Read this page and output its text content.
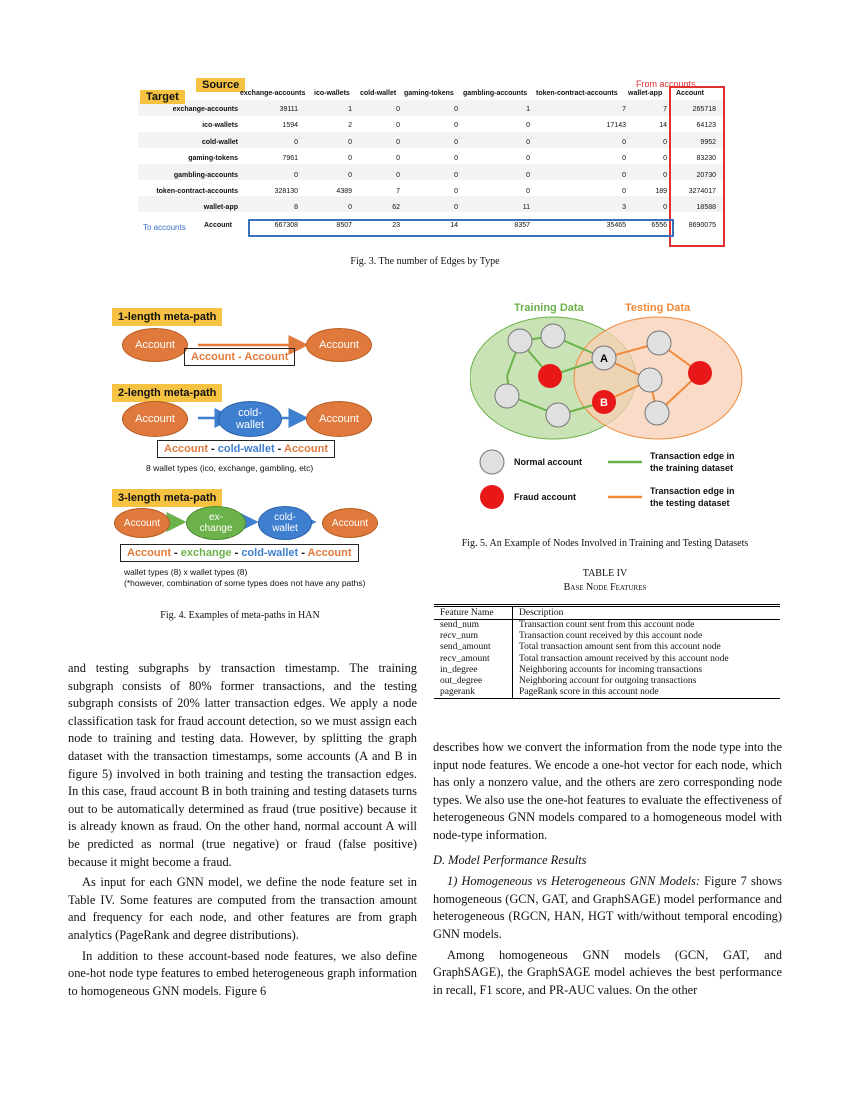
Source
Target
From accounts
exchange-accounts ico-wallets cold-wallet gaming-tokens gambling-accounts token-contract-accounts wallet-app Account
exchange-accounts	39111	1	0	0	1	7	7	265718
ico-wallets	1594	2	0	0	0	17143	14	64123
cold-wallet	0	0	0	0	0	0	0	9952
gaming-tokens	7961	0	0	0	0	0	0	83230
gambling-accounts	0	0	0	0	0	0	0	20730
token-contract-accounts	328130	4389	7	0	0	0	189	3274017
wallet-app	8	0	62	0	11	3	0	18588
Account	667308	8507	23	14	8357	35465	6556	8690075
To accounts
Fig. 3. The number of Edges by Type
1-length meta-path
Account	Account
Account - Account
2-length meta-path
Account
cold-
wallet
Account
Account - cold-wallet - Account
8 wallet types (ico, exchange, gambling, etc)
3-length meta-path
Account	ex-
change
cold-
wallet	Account
Account - exchange - cold-wallet - Account
wallet types (8) x wallet types (8)
(*however, combination of some types does not have any paths)
Fig. 4. Examples of meta-paths in HAN
Training Data	Testing Data
A
B
Normal account
Fraud account
Transaction edge in
the training dataset
Transaction edge in
the testing dataset
Fig. 5. An Example of Nodes Involved in Training and Testing Datasets
TABLE IV
Base Node Features
Feature Name	Description
send_num	Transaction count sent from this account node
recv_num	Transaction count received by this account node
send_amount	Total transaction amount sent from this account node
recv_amount	Total transaction amount received by this account node
in_degree	Neighboring accounts for incoming transactions
out_degree	Neighboring account for outgoing transactions
pagerank	PageRank score in this account node

and testing subgraphs by transaction timestamp. The training subgraph consists of 80% former transactions, and the testing subgraph consists of 20% latter transaction edges. We apply a node classification task for fraud account detection, so we must assign each node to training and testing data. However, by splitting the graph dataset with the transaction timestamps, some accounts (A and B in figure 5) involved in both training and testing the transaction edges. In this case, fraud account B in both training and testing datasets turns out to be automatically determined as fraud (true positive) because it is already known as fraud. On the other hand, normal account A will be predicted as normal (true negative) or fraud (false positive) because it might become a fraud.

As input for each GNN model, we define the node feature set in Table IV. Some features are computed from the transaction amount and frequency for each node, and other features are from graph analytics (PageRank and degree distributions).

In addition to these account-based node features, we also define one-hot node type features to embed heterogeneous graph information to homogeneous GNN models. Figure 6

describes how we convert the information from the node type into the input node features. We encode a one-hot vector for each node, which has only a nonzero value, and the others are zero corresponding node types. We also use the one-hot features to evaluate the effectiveness of heterogeneous GNN models compared to a homogeneous model with node-type information.

D. Model Performance Results

1) Homogeneous vs Heterogeneous GNN Models: Figure 7 shows homogeneous (GCN, GAT, and GraphSAGE) model performance and heterogeneous (RGCN, HAN, HGT with/without temporal encoding) GNN models.

Among homogeneous GNN models (GCN, GAT, and GraphSAGE), the GraphSAGE model achieves the best performance in recall, F1 score, and PR-AUC values. On the other
